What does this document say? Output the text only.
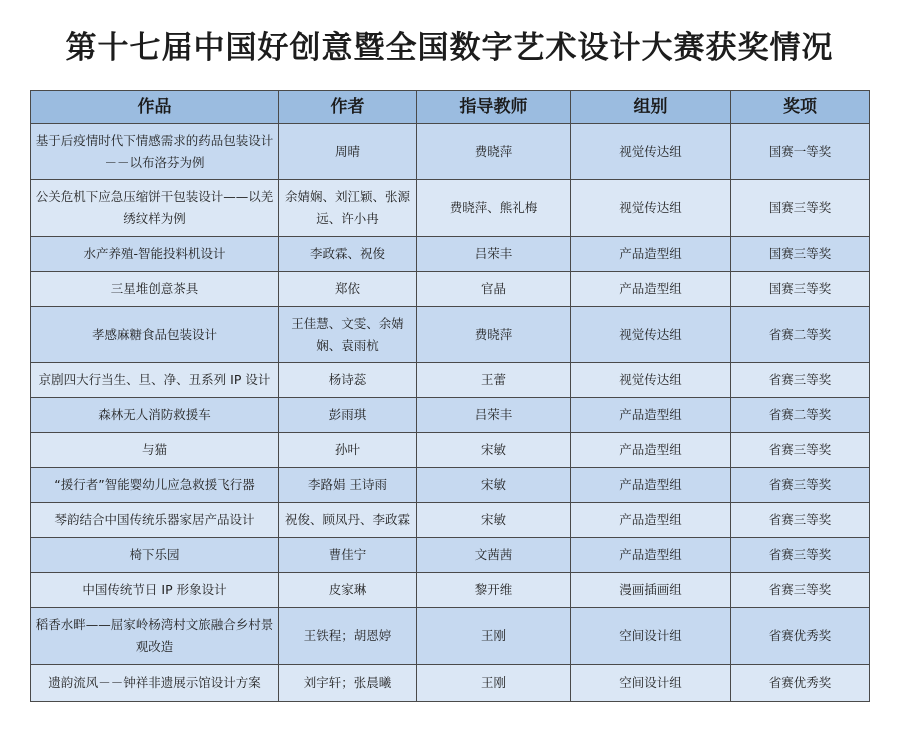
第十七届中国好创意暨全国数字艺术设计大赛获奖情况
作品	作者	指导教师	组别	奖项
基于后疫情时代下情感需求的药品包装设计－－以布洛芬为例	周晴	费晓萍	视觉传达组	国赛一等奖
公关危机下应急压缩饼干包装设计——以羌绣纹样为例	余婧娴、刘江颖、张源远、许小冉	费晓萍、熊礼梅	视觉传达组	国赛三等奖
水产养殖-智能投料机设计	李政霖、祝俊	吕荣丰	产品造型组	国赛三等奖
三星堆创意茶具	郑依	官晶	产品造型组	国赛三等奖
孝感麻糖食品包装设计	王佳慧、文雯、余婧娴、袁雨杭	费晓萍	视觉传达组	省赛二等奖
京剧四大行当生、旦、净、丑系列 IP 设计	杨诗蕊	王蕾	视觉传达组	省赛三等奖
森林无人消防救援车	彭雨琪	吕荣丰	产品造型组	省赛二等奖
与猫	孙叶	宋敏	产品造型组	省赛三等奖
“援行者”智能婴幼儿应急救援飞行器	李路娟 王诗雨	宋敏	产品造型组	省赛三等奖
琴韵结合中国传统乐器家居产品设计	祝俊、顾凤丹、李政霖	宋敏	产品造型组	省赛三等奖
椅下乐园	曹佳宁	文茜茜	产品造型组	省赛三等奖
中国传统节日 IP 形象设计	皮家琳	黎开维	漫画插画组	省赛三等奖
稻香水畔——屈家岭杨湾村文旅融合乡村景观改造	王铁程；胡恩婷	王刚	空间设计组	省赛优秀奖
遗韵流风－－钟祥非遗展示馆设计方案	刘宇轩；张晨曦	王刚	空间设计组	省赛优秀奖
